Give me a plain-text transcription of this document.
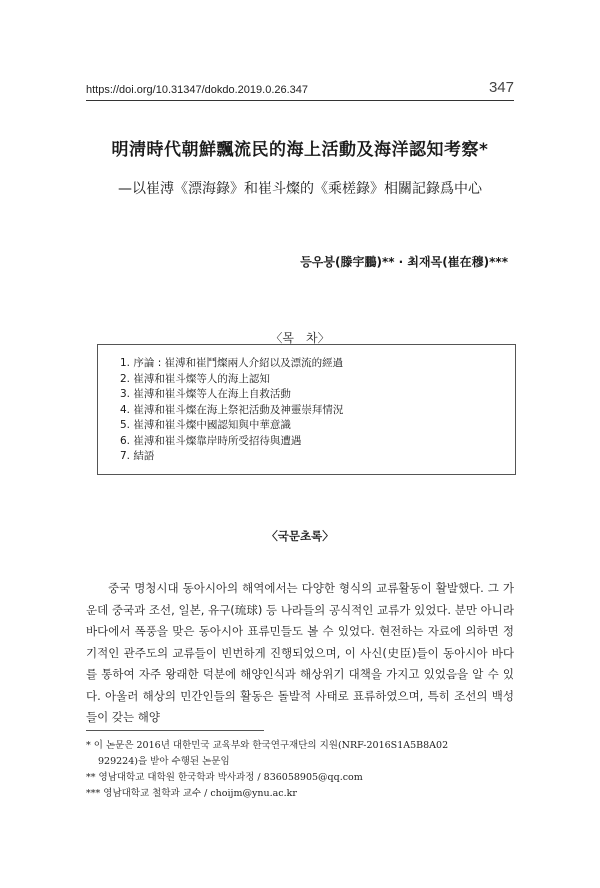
https://doi.org/10.31347/dokdo.2019.0.26.347	347
明淸時代朝鮮飄流民的海上活動及海洋認知考察*
—以崔溥《漂海錄》和崔斗燦的《乘槎錄》相關記錄爲中心
등우붕(滕宇鵬)** · 최재목(崔在穆)***
〈목　차〉
1. 序論 : 崔溥和崔鬥燦兩人介紹以及漂流的經過
2. 崔溥和崔斗燦等人的海上認知
3. 崔溥和崔斗燦等人在海上自救活動
4. 崔溥和崔斗燦在海上祭祀活動及神靈崇拜情況
5. 崔溥和崔斗燦中國認知與中華意識
6. 崔溥和崔斗燦靠岸時所受招待與遭遇
7. 結語
〈국문초록〉

중국 명청시대 동아시아의 해역에서는 다양한 형식의 교류활동이 활발했다. 그 가운데 중국과 조선, 일본, 유구(琉球) 등 나라들의 공식적인 교류가 있었다. 분만 아니라 바다에서 폭풍을 맞은 동아시아 표류민들도 볼 수 있었다. 현전하는 자료에 의하면 정기적인 관주도의 교류들이 빈번하게 진행되었으며, 이 사신(史臣)들이 동아시아 바다를 통하여 자주 왕래한 덕분에 해양인식과 해상위기 대책을 가지고 있었음을 알 수 있다. 아울러 해상의 민간인들의 활동은 돌발적 사태로 표류하였으며, 특히 조선의 백성들이 갖는 해양

* 이 논문은 2016년 대한민국 교육부와 한국연구재단의 지원(NRF-2016S1A5B8A02

929224)을 받아 수행된 논문임

** 영남대학교 대학원 한국학과 박사과정 / 836058905@qq.com

*** 영남대학교 철학과 교수 / choijm@ynu.ac.kr
